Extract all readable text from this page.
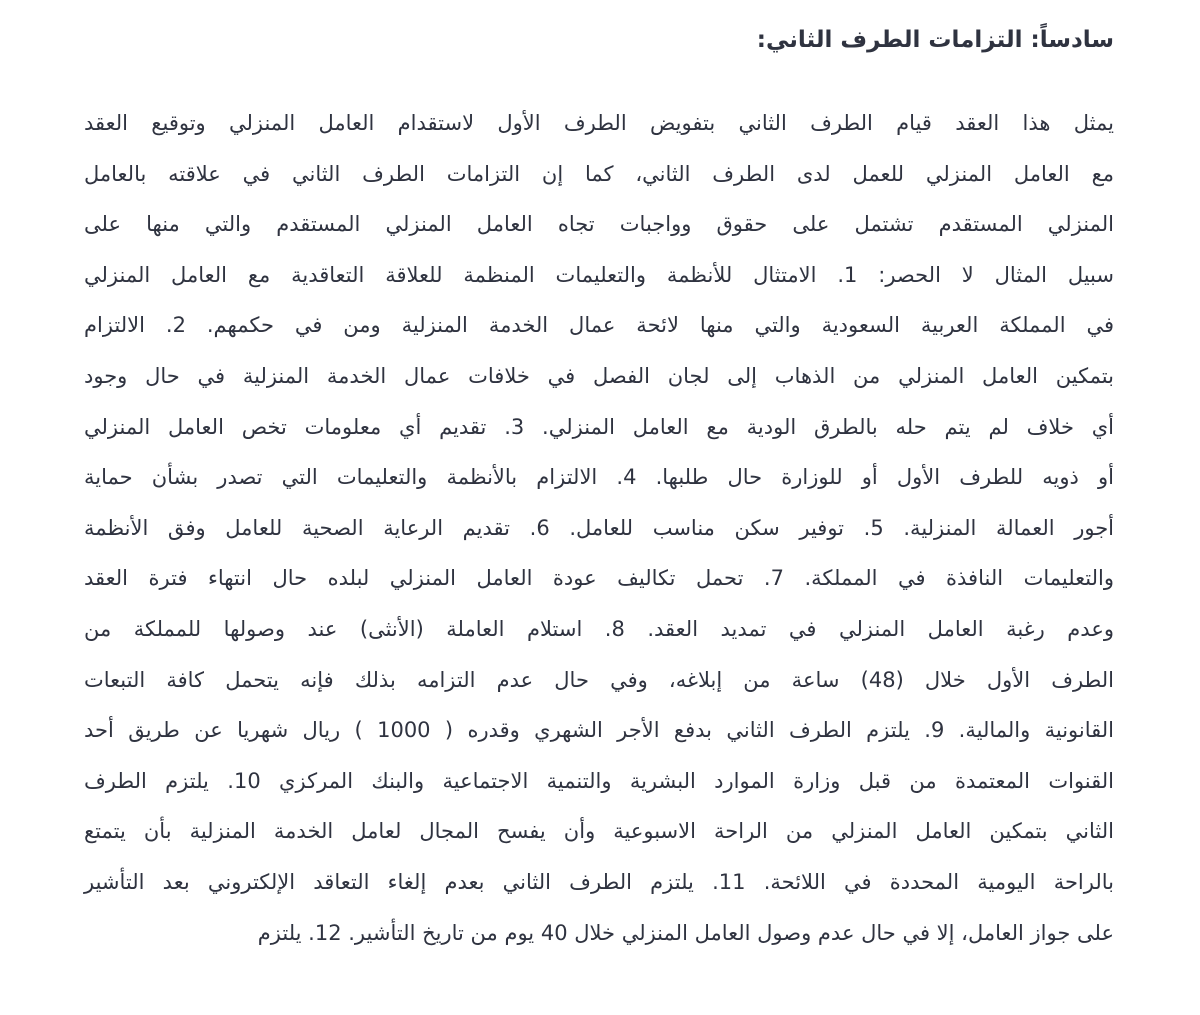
سادساً: التزامات الطرف الثاني:
يمثل هذا العقد قيام الطرف الثاني بتفويض الطرف الأول لاستقدام العامل المنزلي وتوقيع العقد
مع العامل المنزلي للعمل لدى الطرف الثاني، كما إن التزامات الطرف الثاني في علاقته بالعامل
المنزلي المستقدم تشتمل على حقوق وواجبات تجاه العامل المنزلي المستقدم والتي منها على
سبيل المثال لا الحصر: 1. الامتثال للأنظمة والتعليمات المنظمة للعلاقة التعاقدية مع العامل المنزلي
في المملكة العربية السعودية والتي منها لائحة عمال الخدمة المنزلية ومن في حكمهم. 2. الالتزام
بتمكين العامل المنزلي من الذهاب إلى لجان الفصل في خلافات عمال الخدمة المنزلية في حال وجود
أي خلاف لم يتم حله بالطرق الودية مع العامل المنزلي. 3. تقديم أي معلومات تخص العامل المنزلي
أو ذويه للطرف الأول أو للوزارة حال طلبها. 4. الالتزام بالأنظمة والتعليمات التي تصدر بشأن حماية
أجور العمالة المنزلية. 5. توفير سكن مناسب للعامل. 6. تقديم الرعاية الصحية للعامل وفق الأنظمة
والتعليمات النافذة في المملكة. 7. تحمل تكاليف عودة العامل المنزلي لبلده حال انتهاء فترة العقد
وعدم رغبة العامل المنزلي في تمديد العقد. 8. استلام العاملة (الأنثى) عند وصولها للمملكة من
الطرف الأول خلال (48) ساعة من إبلاغه، وفي حال عدم التزامه بذلك فإنه يتحمل كافة التبعات
القانونية والمالية. 9. يلتزم الطرف الثاني بدفع الأجر الشهري وقدره ( 1000 ) ريال شهريا عن طريق أحد
القنوات المعتمدة من قبل وزارة الموارد البشرية والتنمية الاجتماعية والبنك المركزي 10. يلتزم الطرف
الثاني بتمكين العامل المنزلي من الراحة الاسبوعية وأن يفسح المجال لعامل الخدمة المنزلية بأن يتمتع
بالراحة اليومية المحددة في اللائحة. 11. يلتزم الطرف الثاني بعدم إلغاء التعاقد الإلكتروني بعد التأشير
على جواز العامل، إلا في حال عدم وصول العامل المنزلي خلال 40 يوم من تاريخ التأشير. 12. يلتزم
